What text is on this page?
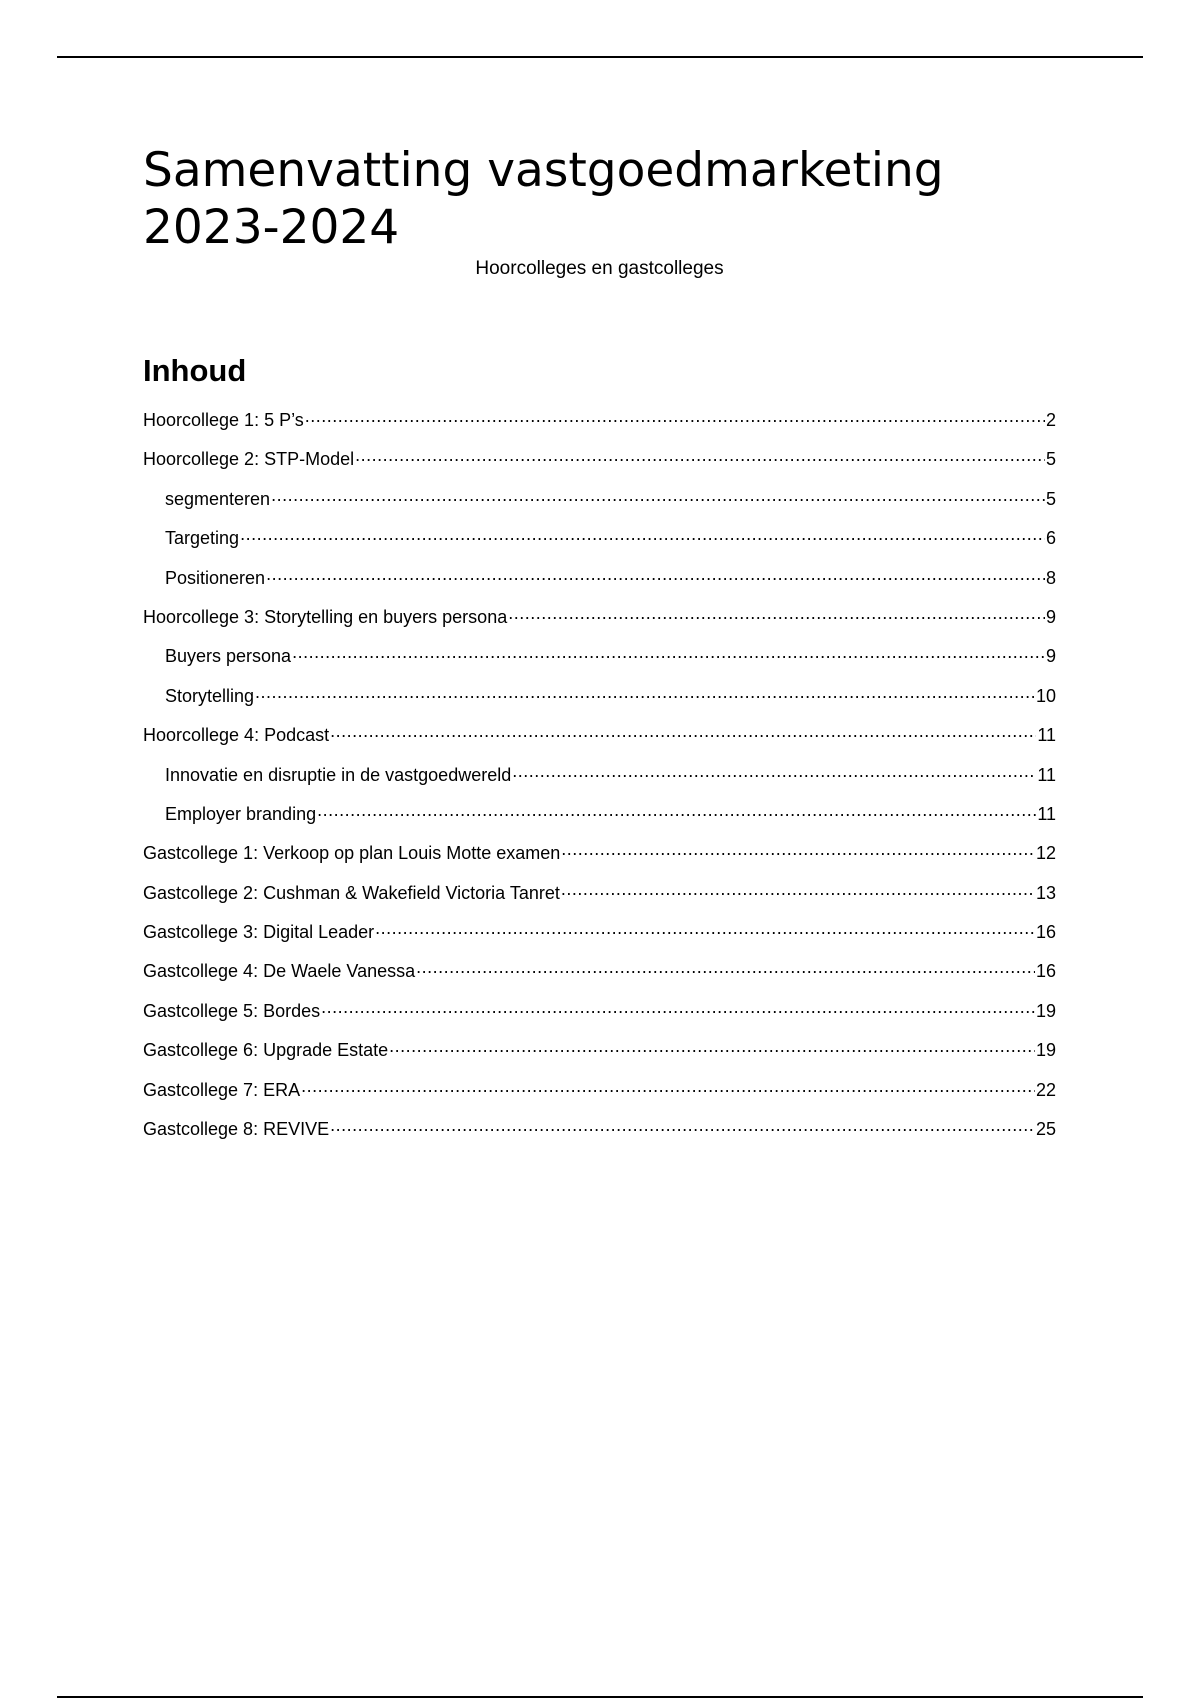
Samenvatting vastgoedmarketing
2023-2024
Hoorcolleges en gastcolleges
Inhoud
Hoorcollege 1: 5 P’s .....	2
Hoorcollege 2: STP-Model .....	5
segmenteren .....	5
Targeting .....	6
Positioneren .....	8
Hoorcollege 3: Storytelling en buyers persona .....	9
Buyers persona .....	9
Storytelling .....	10
Hoorcollege 4: Podcast .....	11
Innovatie en disruptie in de vastgoedwereld .....	11
Employer branding .....	11
Gastcollege 1: Verkoop op plan Louis Motte examen .....	12
Gastcollege 2: Cushman & Wakefield Victoria Tanret .....	13
Gastcollege 3: Digital Leader .....	16
Gastcollege 4: De Waele Vanessa .....	16
Gastcollege 5: Bordes .....	19
Gastcollege 6: Upgrade Estate .....	19
Gastcollege 7: ERA .....	22
Gastcollege 8: REVIVE .....	25
